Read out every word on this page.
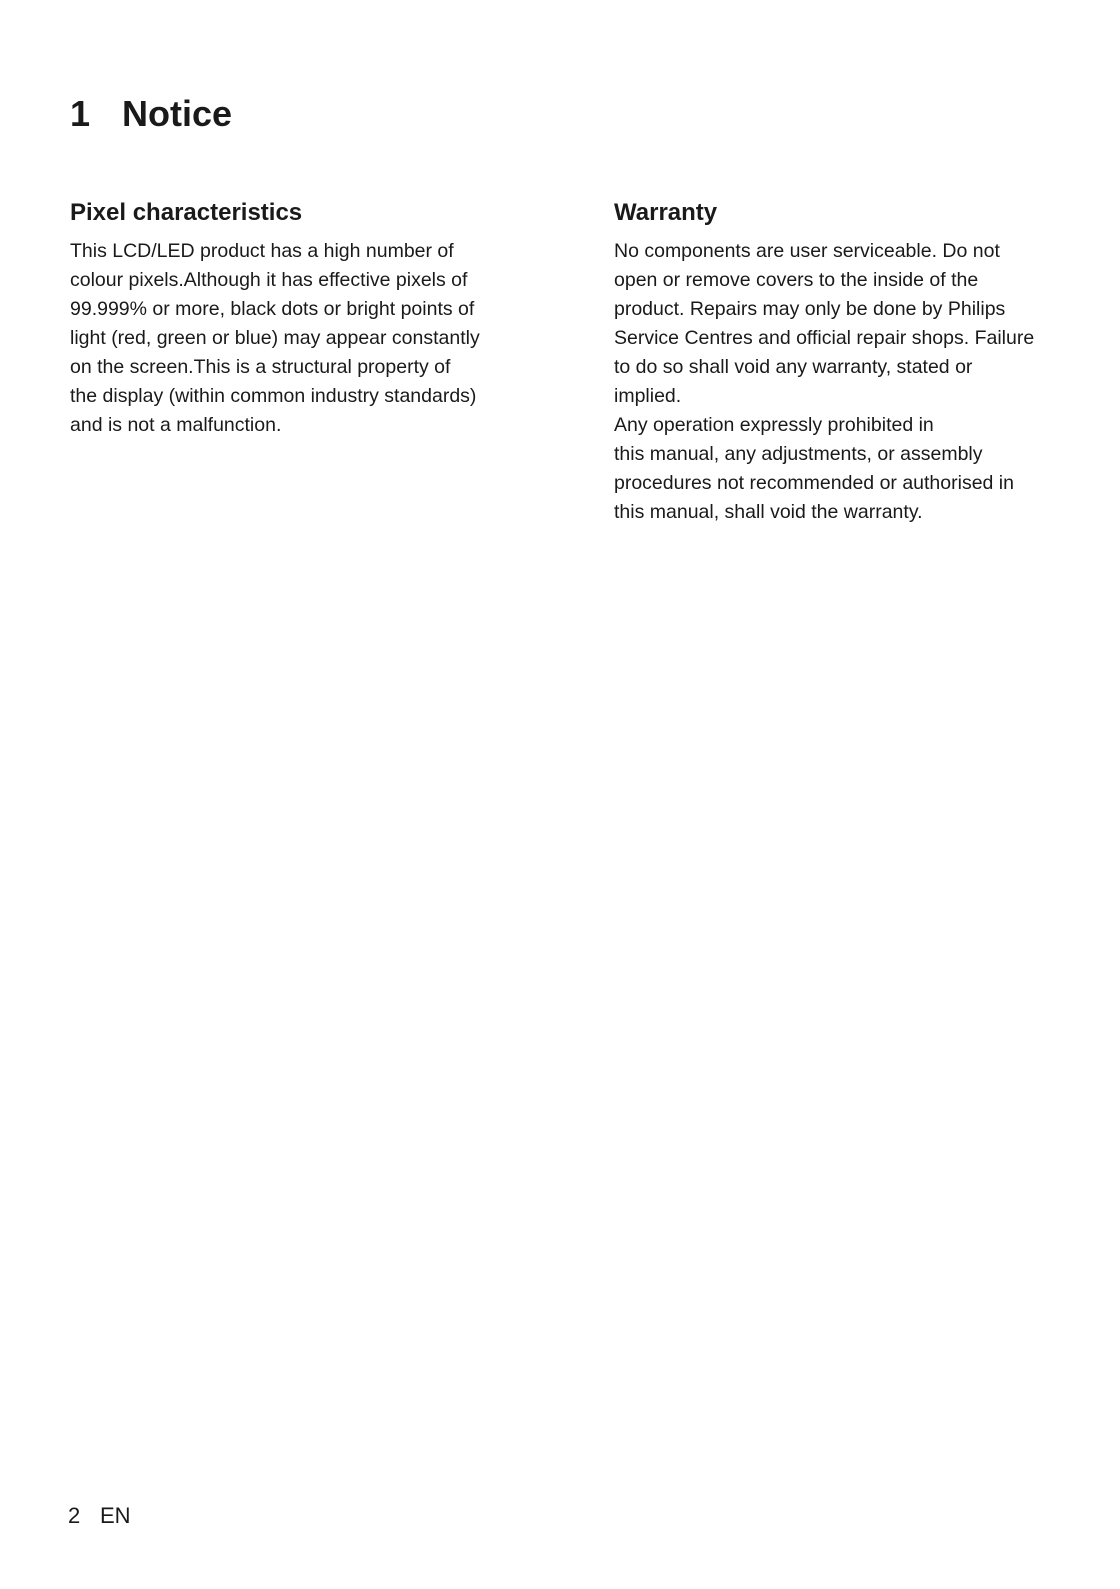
1 Notice
Pixel characteristics
This LCD/LED product has a high number of
colour pixels.Although it has effective pixels of
99.999% or more, black dots or bright points of
light (red, green or blue) may appear constantly
on the screen.This is a structural property of
the display (within common industry standards)
and is not a malfunction.
Warranty
No components are user serviceable. Do not
open or remove covers to the inside of the
product. Repairs may only be done by Philips
Service Centres and official repair shops. Failure
to do so shall void any warranty, stated or
implied.
Any operation expressly prohibited in
this manual, any adjustments, or assembly
procedures not recommended or authorised in
this manual, shall void the warranty.
2 EN
